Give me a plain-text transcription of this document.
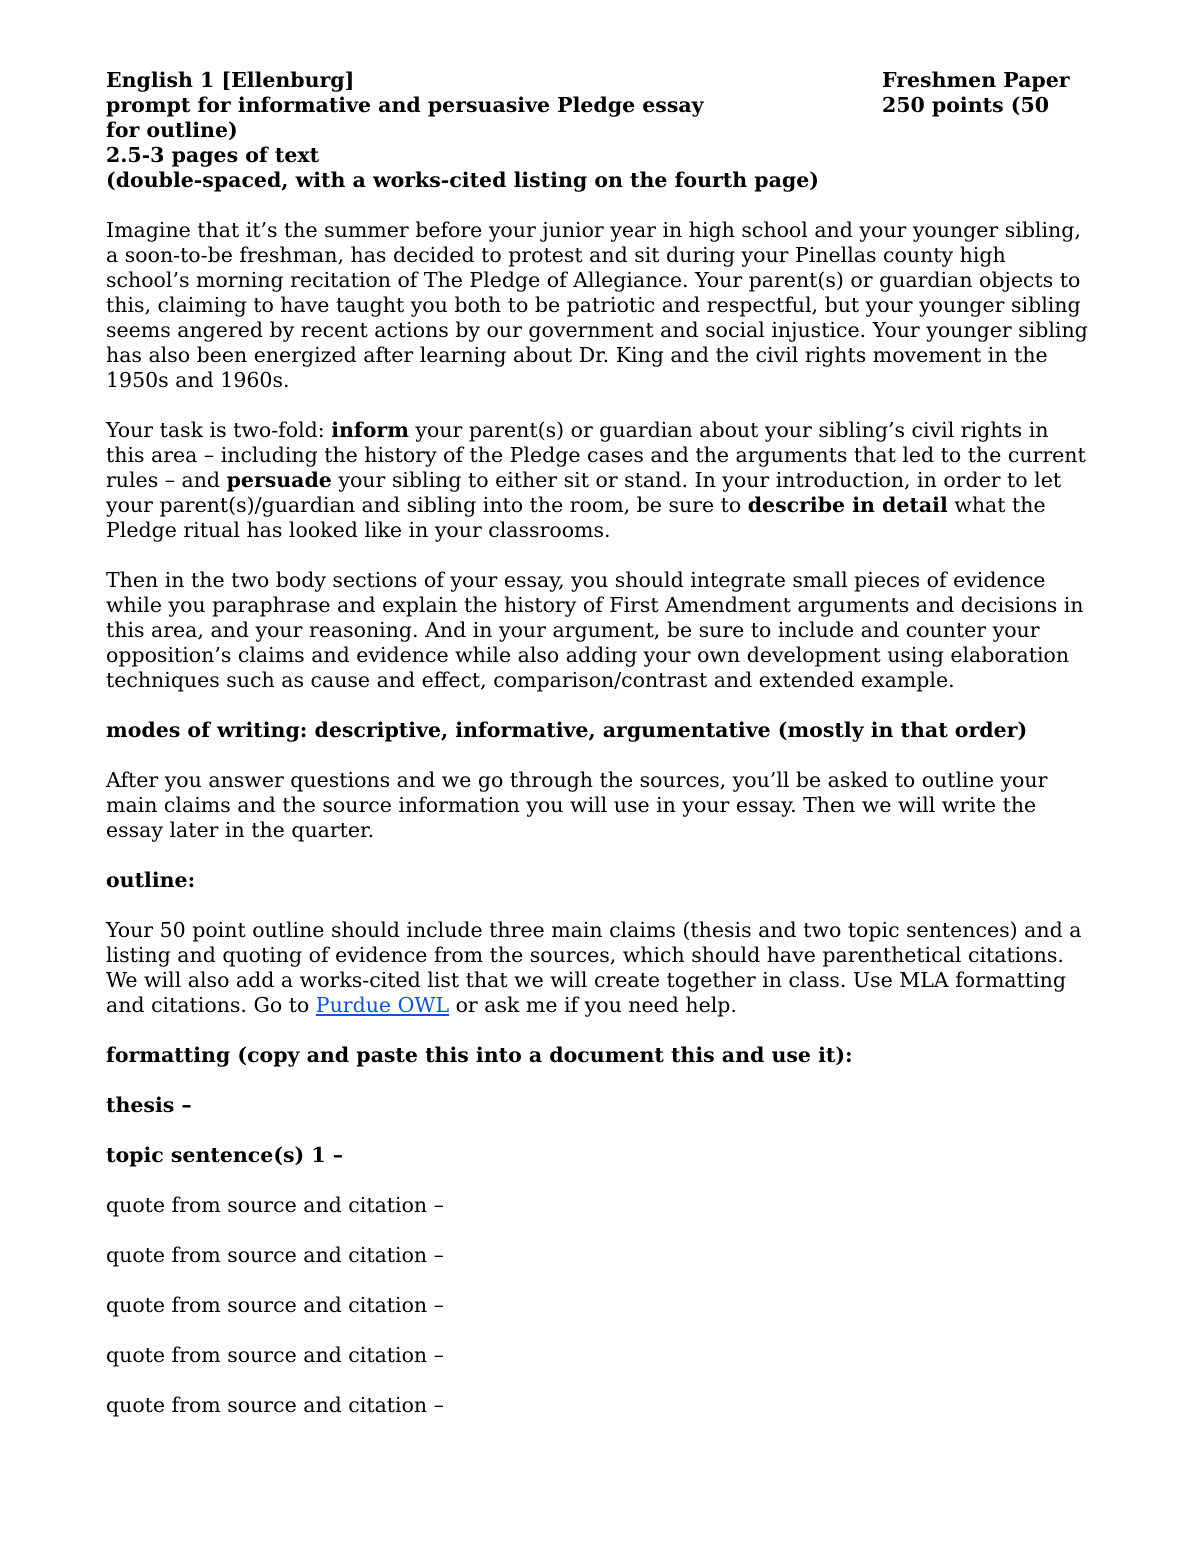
English 1 [Ellenburg]
prompt for informative and persuasive Pledge essay
for outline)
2.5-3 pages of text
(double-spaced, with a works-cited listing on the fourth page)
Freshmen Paper
250 points (50

Imagine that it’s the summer before your junior year in high school and your younger sibling, a soon-to-be freshman, has decided to protest and sit during your Pinellas county high school’s morning recitation of The Pledge of Allegiance. Your parent(s) or guardian objects to this, claiming to have taught you both to be patriotic and respectful, but your younger sibling seems angered by recent actions by our government and social injustice. Your younger sibling has also been energized after learning about Dr. King and the civil rights movement in the 1950s and 1960s.

Your task is two-fold: inform your parent(s) or guardian about your sibling’s civil rights in this area – including the history of the Pledge cases and the arguments that led to the current rules – and persuade your sibling to either sit or stand. In your introduction, in order to let your parent(s)/guardian and sibling into the room, be sure to describe in detail what the Pledge ritual has looked like in your classrooms.

Then in the two body sections of your essay, you should integrate small pieces of evidence while you paraphrase and explain the history of First Amendment arguments and decisions in this area, and your reasoning. And in your argument, be sure to include and counter your opposition’s claims and evidence while also adding your own development using elaboration techniques such as cause and effect, comparison/contrast and extended example.

modes of writing: descriptive, informative, argumentative (mostly in that order)

After you answer questions and we go through the sources, you’ll be asked to outline your main claims and the source information you will use in your essay. Then we will write the essay later in the quarter.

outline:

Your 50 point outline should include three main claims (thesis and two topic sentences) and a listing and quoting of evidence from the sources, which should have parenthetical citations. We will also add a works-cited list that we will create together in class. Use MLA formatting and citations. Go to Purdue OWL or ask me if you need help.

formatting (copy and paste this into a document this and use it):

thesis –

topic sentence(s) 1 –

quote from source and citation –

quote from source and citation –

quote from source and citation –

quote from source and citation –

quote from source and citation –
